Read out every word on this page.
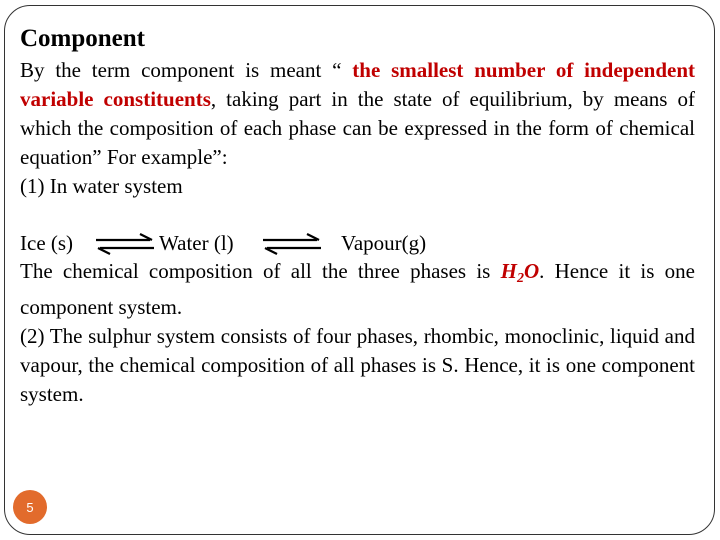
Component

By the term component is meant “ the smallest number of independent variable constituents, taking part in the state of equilibrium, by means of which the composition of each phase can be expressed in the form of chemical equation” For example”:
(1) In water system

Ice (s) ⇌ Water (l) ⇌ Vapour(g)

The chemical composition of all the three phases is $H_2O$. Hence it is one component system.
(2) The sulphur system consists of four phases, rhombic, monoclinic, liquid and vapour, the chemical composition of all phases is S. Hence, it is one component system.

5
